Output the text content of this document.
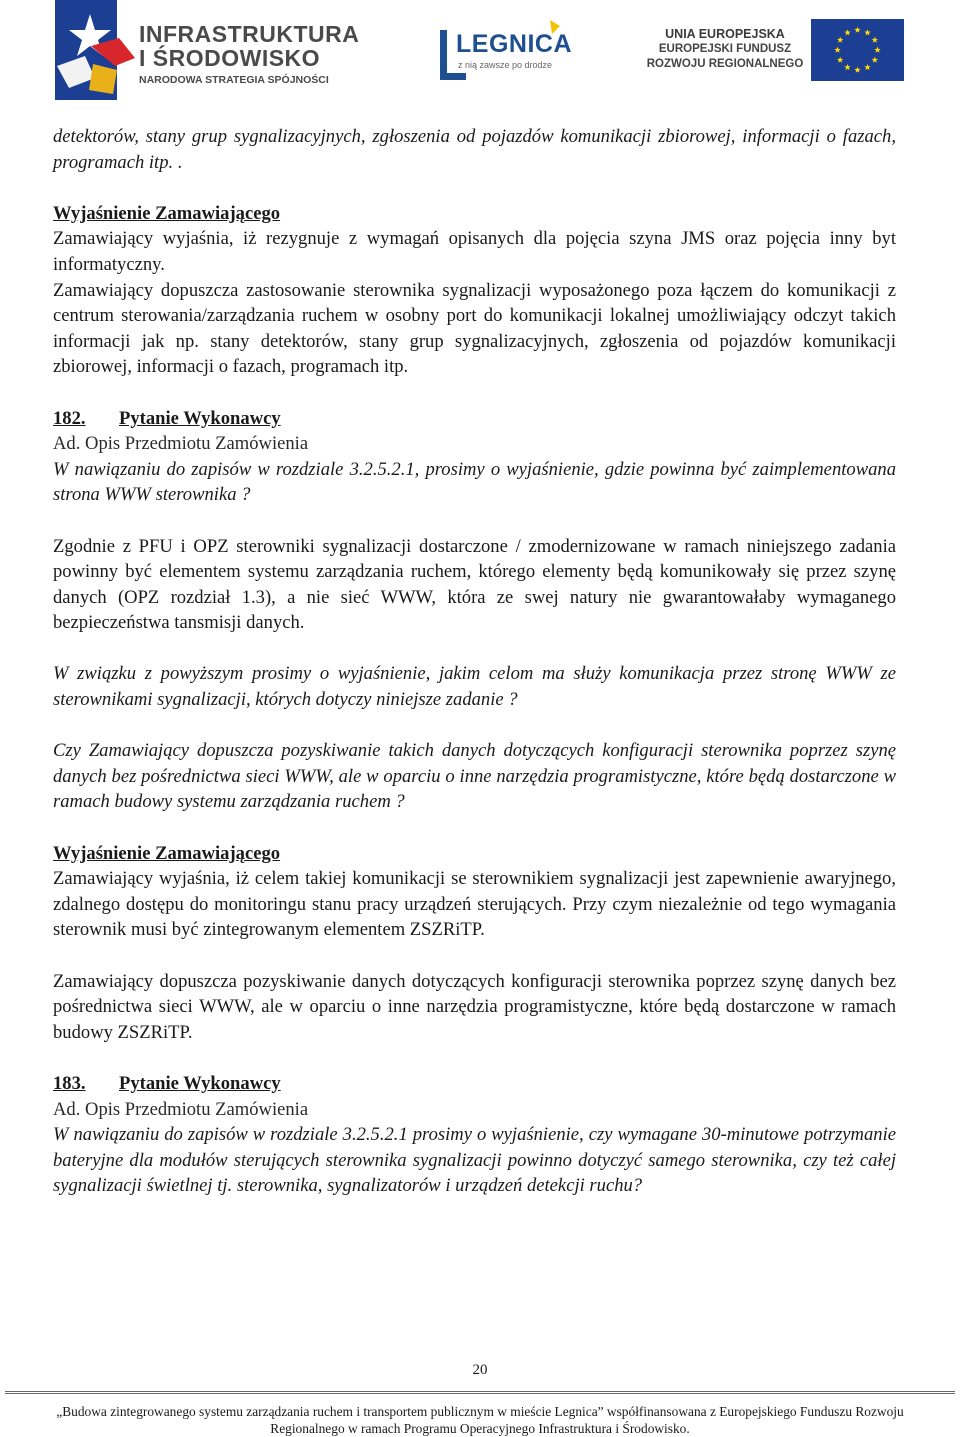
INFRASTRUKTURA
I ŚRODOWISKO
NARODOWA STRATEGIA SPÓJNOŚCI
LEGNICA
z nią zawsze po drodze
UNIA EUROPEJSKA
EUROPEJSKI FUNDUSZ
ROZWOJU REGIONALNEGO

detektorów, stany grup sygnalizacyjnych, zgłoszenia od pojazdów komunikacji zbiorowej, informacji o fazach, programach itp. .

Wyjaśnienie Zamawiającego

Zamawiający wyjaśnia, iż rezygnuje z wymagań opisanych dla pojęcia szyna JMS oraz pojęcia inny byt informatyczny.

Zamawiający dopuszcza zastosowanie sterownika sygnalizacji wyposażonego poza łączem do komunikacji z centrum sterowania/zarządzania ruchem w osobny port do komunikacji lokalnej umożliwiający odczyt takich informacji jak np. stany detektorów, stany grup sygnalizacyjnych, zgłoszenia od pojazdów komunikacji zbiorowej, informacji o fazach, programach itp.

182. Pytanie Wykonawcy

Ad. Opis Przedmiotu Zamówienia

W nawiązaniu do zapisów w rozdziale 3.2.5.2.1, prosimy o wyjaśnienie, gdzie powinna być zaimplementowana strona WWW sterownika ?

Zgodnie z PFU i OPZ sterowniki sygnalizacji dostarczone / zmodernizowane w ramach niniejszego zadania powinny być elementem systemu zarządzania ruchem, którego elementy będą komunikowały się przez szynę danych (OPZ rozdział 1.3), a nie sieć WWW, która ze swej natury nie gwarantowałaby wymaganego bezpieczeństwa tansmisji danych.

W związku z powyższym prosimy o wyjaśnienie, jakim celom ma służy komunikacja przez stronę WWW ze sterownikami sygnalizacji, których dotyczy niniejsze zadanie ?

Czy Zamawiający dopuszcza pozyskiwanie takich danych dotyczących konfiguracji sterownika poprzez szynę danych bez pośrednictwa sieci WWW, ale w oparciu o inne narzędzia programistyczne, które będą dostarczone w ramach budowy systemu zarządzania ruchem ?

Wyjaśnienie Zamawiającego

Zamawiający wyjaśnia, iż celem takiej komunikacji se sterownikiem sygnalizacji jest zapewnienie awaryjnego, zdalnego dostępu do monitoringu stanu pracy urządzeń sterujących. Przy czym niezależnie od tego wymagania sterownik musi być zintegrowanym elementem ZSZRiTP.

Zamawiający dopuszcza pozyskiwanie danych dotyczących konfiguracji sterownika poprzez szynę danych bez pośrednictwa sieci WWW, ale w oparciu o inne narzędzia programistyczne, które będą dostarczone w ramach budowy ZSZRiTP.

183. Pytanie Wykonawcy

Ad. Opis Przedmiotu Zamówienia

W nawiązaniu do zapisów w rozdziale 3.2.5.2.1 prosimy o wyjaśnienie, czy wymagane 30-minutowe potrzymanie bateryjne dla modułów sterujących sterownika sygnalizacji powinno dotyczyć samego sterownika, czy też całej sygnalizacji świetlnej tj. sterownika, sygnalizatorów i urządzeń detekcji ruchu?

20
„Budowa zintegrowanego systemu zarządzania ruchem i transportem publicznym w mieście Legnica” współfinansowana z Europejskiego Funduszu Rozwoju
Regionalnego w ramach Programu Operacyjnego Infrastruktura i Środowisko.
